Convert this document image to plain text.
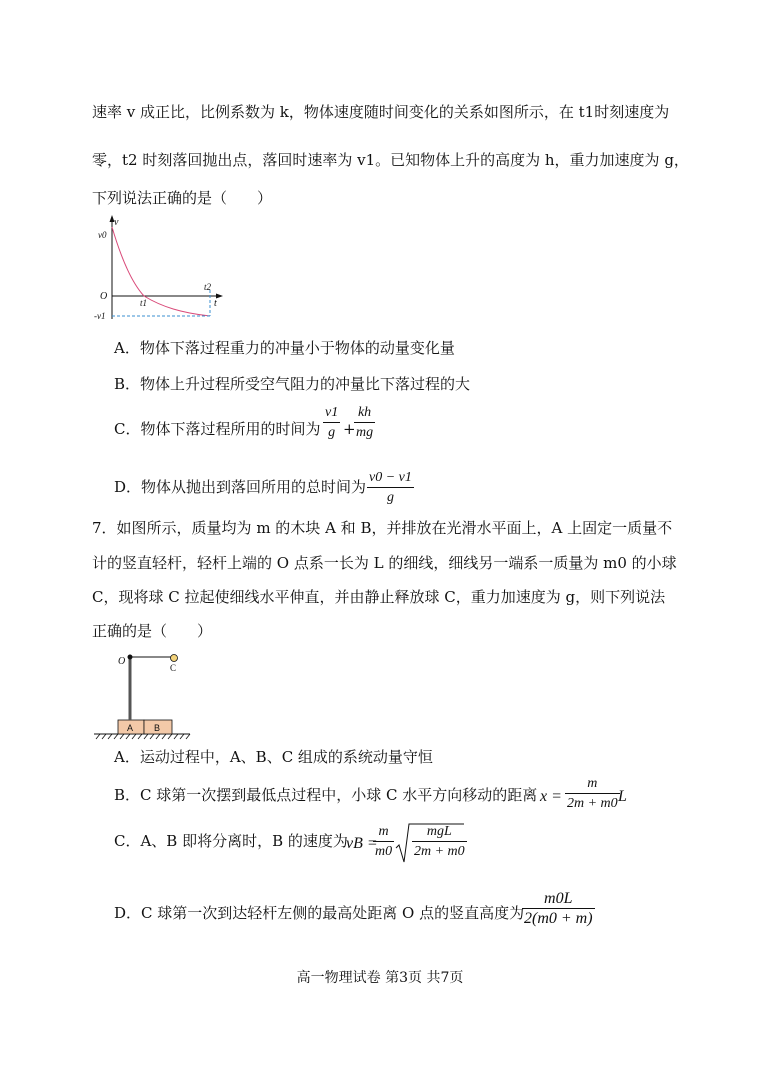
速率 v 成正比，比例系数为 k，物体速度随时间变化的关系如图所示，在 t1时刻速度为
零，t2 时刻落回抛出点，落回时速率为 v1。已知物体上升的高度为 h，重力加速度为 g，
下列说法正确的是（　　）
v
v0
O
-v1
t1
t2
t
A．物体下落过程重力的冲量小于物体的动量变化量
B．物体上升过程所受空气阻力的冲量比下落过程的大
C．物体下落过程所用的时间为 $\frac{v1}{g}$ +
$\frac{kh}{mg}$
D．物体从抛出到落回所用的总时间为 $\frac{v0 - v1}{g}$
7．如图所示，质量均为 m 的木块 A 和 B，并排放在光滑水平面上，A 上固定一质量不
计的竖直轻杆，轻杆上端的 O 点系一长为 L 的细线，细线另一端系一质量为 m0 的小球
C，现将球 C 拉起使细线水平伸直，并由静止释放球 C，重力加速度为 g，则下列说法
正确的是（　　）
A B
O
C
A．运动过程中，A、B、C 组成的系统动量守恒
B．C 球第一次摆到最低点过程中，小球 C 水平方向移动的距离 $x = \frac{m}{2m + m0}$
L
C．A、B 即将分离时，B 的速度为
vB =
$\frac{m}{m0}$	mgL
2m + m0
D．C 球第一次到达轻杆左侧的最高处距离 O 点的竖直高度为
$\frac{m0L}{2(m0 + m)}$
高一物理试卷 第3页 共7页
